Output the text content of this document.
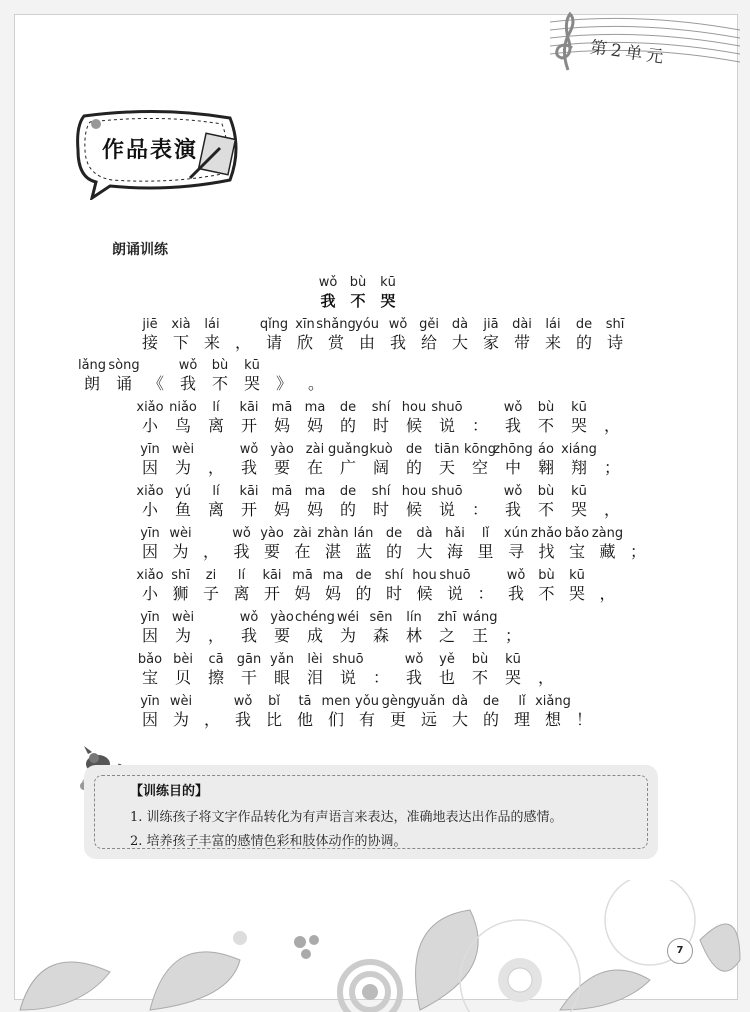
第2单元
作品表演
朗诵训练
wǒ
我
bù
不
kū
哭
jiē
接
xià
下
lái
来
，
qǐng
请
xīn
欣
shǎng
赏
yóu
由
wǒ
我
gěi
给
dà
大
jiā
家
dài
带
lái
来
de
的
shī
诗
lǎng
朗
sòng
诵
《
wǒ
我
bù
不
kū
哭
》
。
xiǎo
小
niǎo
鸟
lí
离
kāi
开
mā
妈
ma
妈
de
的
shí
时
hou
候
shuō
说
	：
wǒ
我
bù
不
kū
哭
	，
yīn
因
wèi
为
	，
wǒ
我
yào
要
zài
在
guǎng
广
kuò
阔
de
的
tiān
天
kōng
空
zhōng
中
áo
翱
xiáng
翔
	；
xiǎo
小
yú
鱼
lí
离
kāi
开
mā
妈
ma
妈
de
的
shí
时
hou
候
shuō
说
	：
wǒ
我
bù
不
kū
哭
	，
yīn
因
wèi
为
，
wǒ
我
yào
要
zài
在
zhàn
湛
lán
蓝
de
的
dà
大
hǎi
海
lǐ
里
xún
寻
zhǎo
找
bǎo
宝
zàng
藏
；
xiǎo
小
shī
狮
zi
子
lí
离
kāi
开
mā
妈
ma
妈
de
的
shí
时
hou
候
shuō
说
：
wǒ
我
bù
不
kū
哭
，
yīn
因
wèi
为
	，
wǒ
我
yào
要
chéng
成
wéi
为
sēn
森
lín
林
zhī
之
wáng
王
	；
bǎo
宝
bèi
贝
cā
擦
gān
干
yǎn
眼
lèi
泪
shuō
说
	：
wǒ
我
yě
也
bù
不
kū
哭
	，
yīn
因
wèi
为
，
wǒ
我
bǐ
比
tā
他
men
们
yǒu
有
gèng
更
yuǎn
远
dà
大
de
的
lǐ
理
xiǎng
想
！
【训练目的】
1. 训练孩子将文字作品转化为有声语言来表达，准确地表达出作品的感情。
2. 培养孩子丰富的感情色彩和肢体动作的协调。
7
